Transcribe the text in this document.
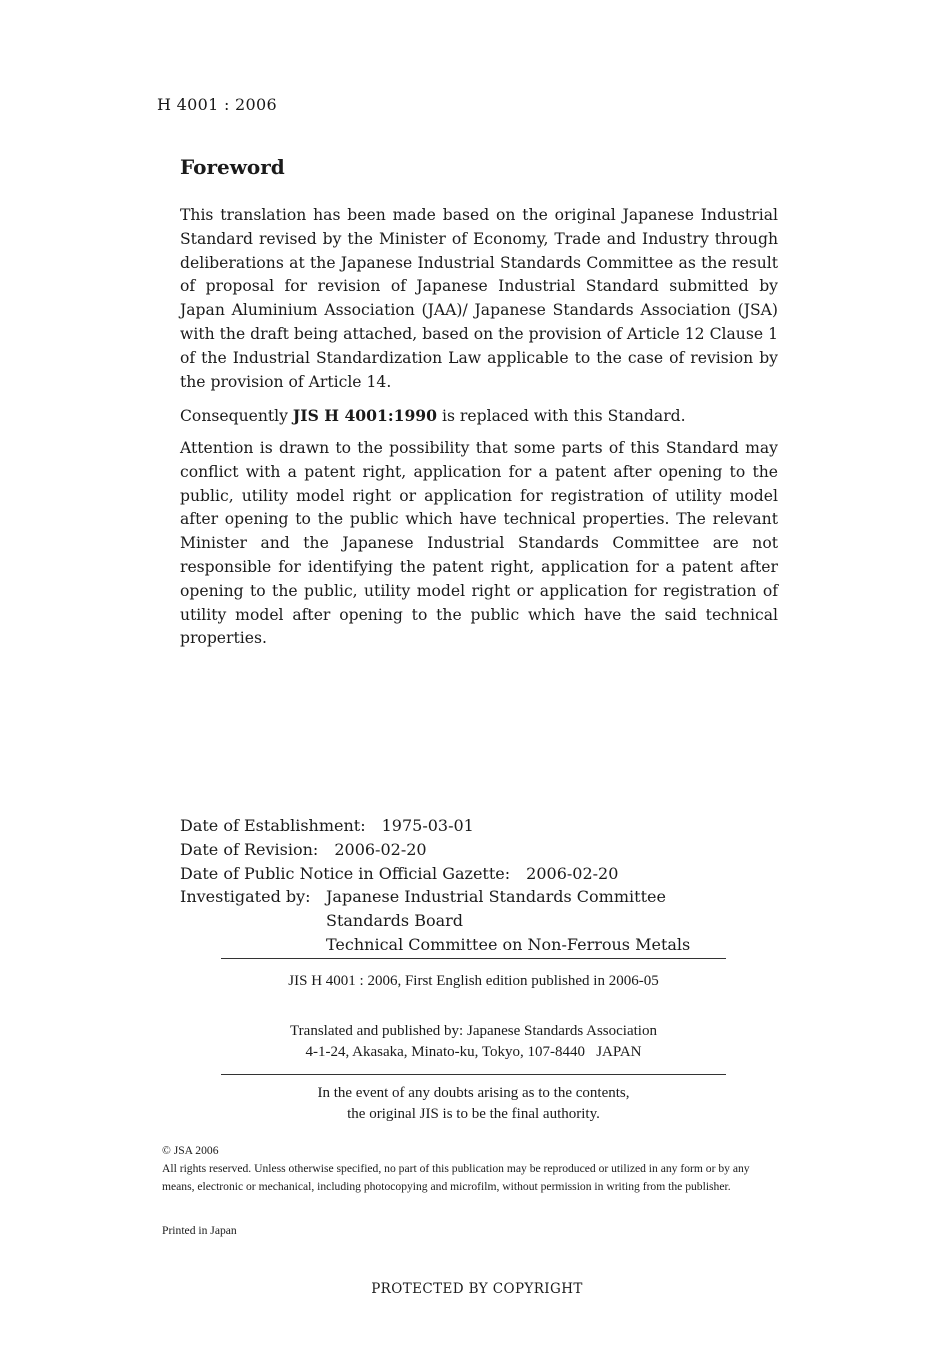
H 4001 : 2006
Foreword

This translation has been made based on the original Japanese Industrial Standard revised by the Minister of Economy, Trade and Industry through deliberations at the Japanese Industrial Standards Committee as the result of proposal for revision of Japanese Industrial Standard submitted by Japan Aluminium Association (JAA)/ Japanese Standards Association (JSA) with the draft being attached, based on the provision of Article 12 Clause 1 of the Industrial Standardization Law applicable to the case of revision by the provision of Article 14.

Consequently JIS H 4001:1990 is replaced with this Standard.

Attention is drawn to the possibility that some parts of this Standard may conflict with a patent right, application for a patent after opening to the public, utility model right or application for registration of utility model after opening to the public which have technical properties. The relevant Minister and the Japanese Industrial Standards Committee are not responsible for identifying the patent right, application for a patent after opening to the public, utility model right or application for registration of utility model after opening to the public which have the said technical properties.

Date of Establishment: 1975-03-01
Date of Revision: 2006-02-20
Date of Public Notice in Official Gazette: 2006-02-20
Investigated by: Japanese Industrial Standards Committee
Standards Board
Technical Committee on Non-Ferrous Metals
JIS H 4001 : 2006, First English edition published in 2006-05
Translated and published by: Japanese Standards Association
4-1-24, Akasaka, Minato-ku, Tokyo, 107-8440   JAPAN
In the event of any doubts arising as to the contents,
the original JIS is to be the final authority.
© JSA 2006
All rights reserved. Unless otherwise specified, no part of this publication may be reproduced or utilized in any form or by any means, electronic or mechanical, including photocopying and microfilm, without permission in writing from the publisher.
Printed in Japan
PROTECTED BY COPYRIGHT
